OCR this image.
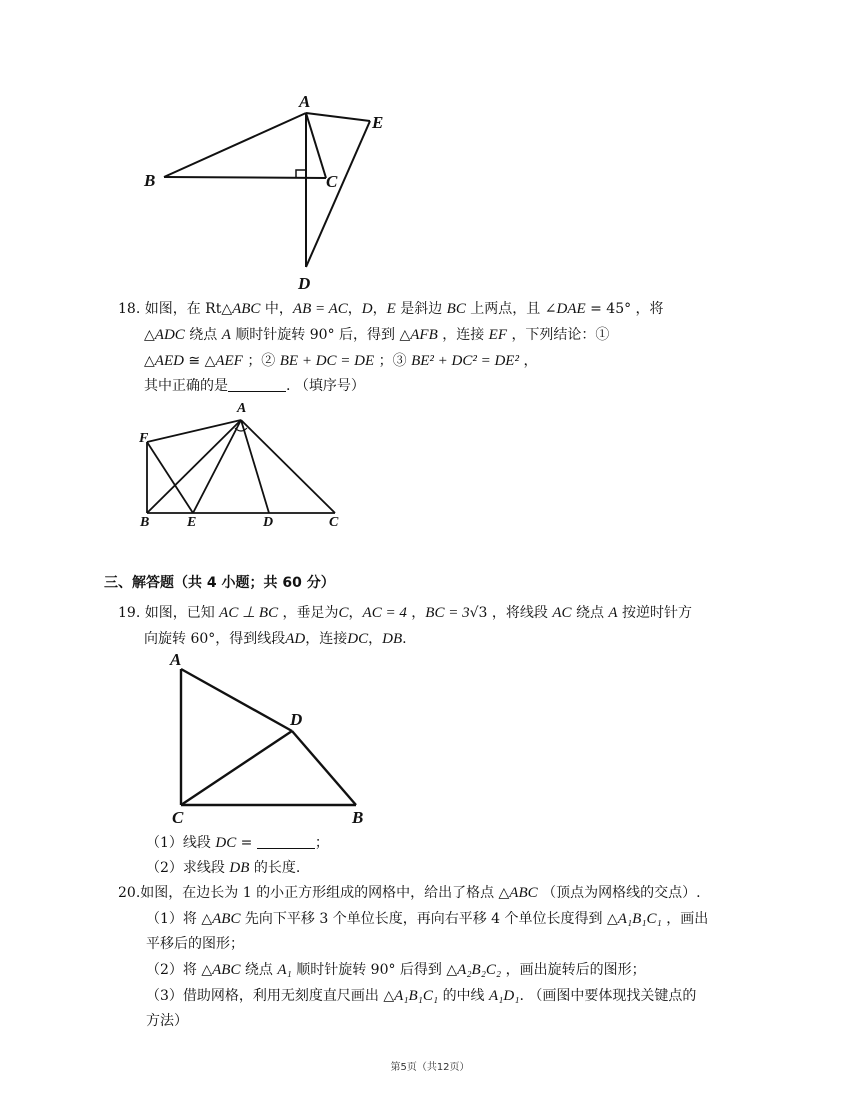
A
B	C
D
E
18. 如图，在 Rt△ABC 中，AB = AC，D，E 是斜边 BC 上两点，且 ∠DAE = 45° ，将
△ADC 绕点 A 顺时针旋转 90° 后，得到 △AFB ，连接 EF ，下列结论：①
△AED ≅ △AEF ；② BE + DC = DE ；③ BE² + DC² = DE² ，
其中正确的是	. （填序号）
A
F
B	E	D	C
三、解答题（共 4 小题；共 60 分）
19. 如图，已知 AC ⊥ BC ，垂足为C，AC = 4 ，BC = 3√3 ，将线段 AC 绕点 A 按逆时针方
向旋转 60°，得到线段AD，连接DC，DB.
A
D
C	B
（1）线段 DC =	；
（2）求线段 DB 的长度.
20.如图，在边长为 1 的小正方形组成的网格中，给出了格点 △ABC （顶点为网格线的交点）.
（1）将 △ABC 先向下平移 3 个单位长度，再向右平移 4 个单位长度得到 △A₁B₁C₁ ，画出
平移后的图形；
（2）将 △ABC 绕点 A₁ 顺时针旋转 90° 后得到 △A₂B₂C₂ ，画出旋转后的图形；
（3）借助网格，利用无刻度直尺画出 △A₁B₁C₁ 的中线 A₁D₁. （画图中要体现找关键点的
方法）
第5页（共12页）
